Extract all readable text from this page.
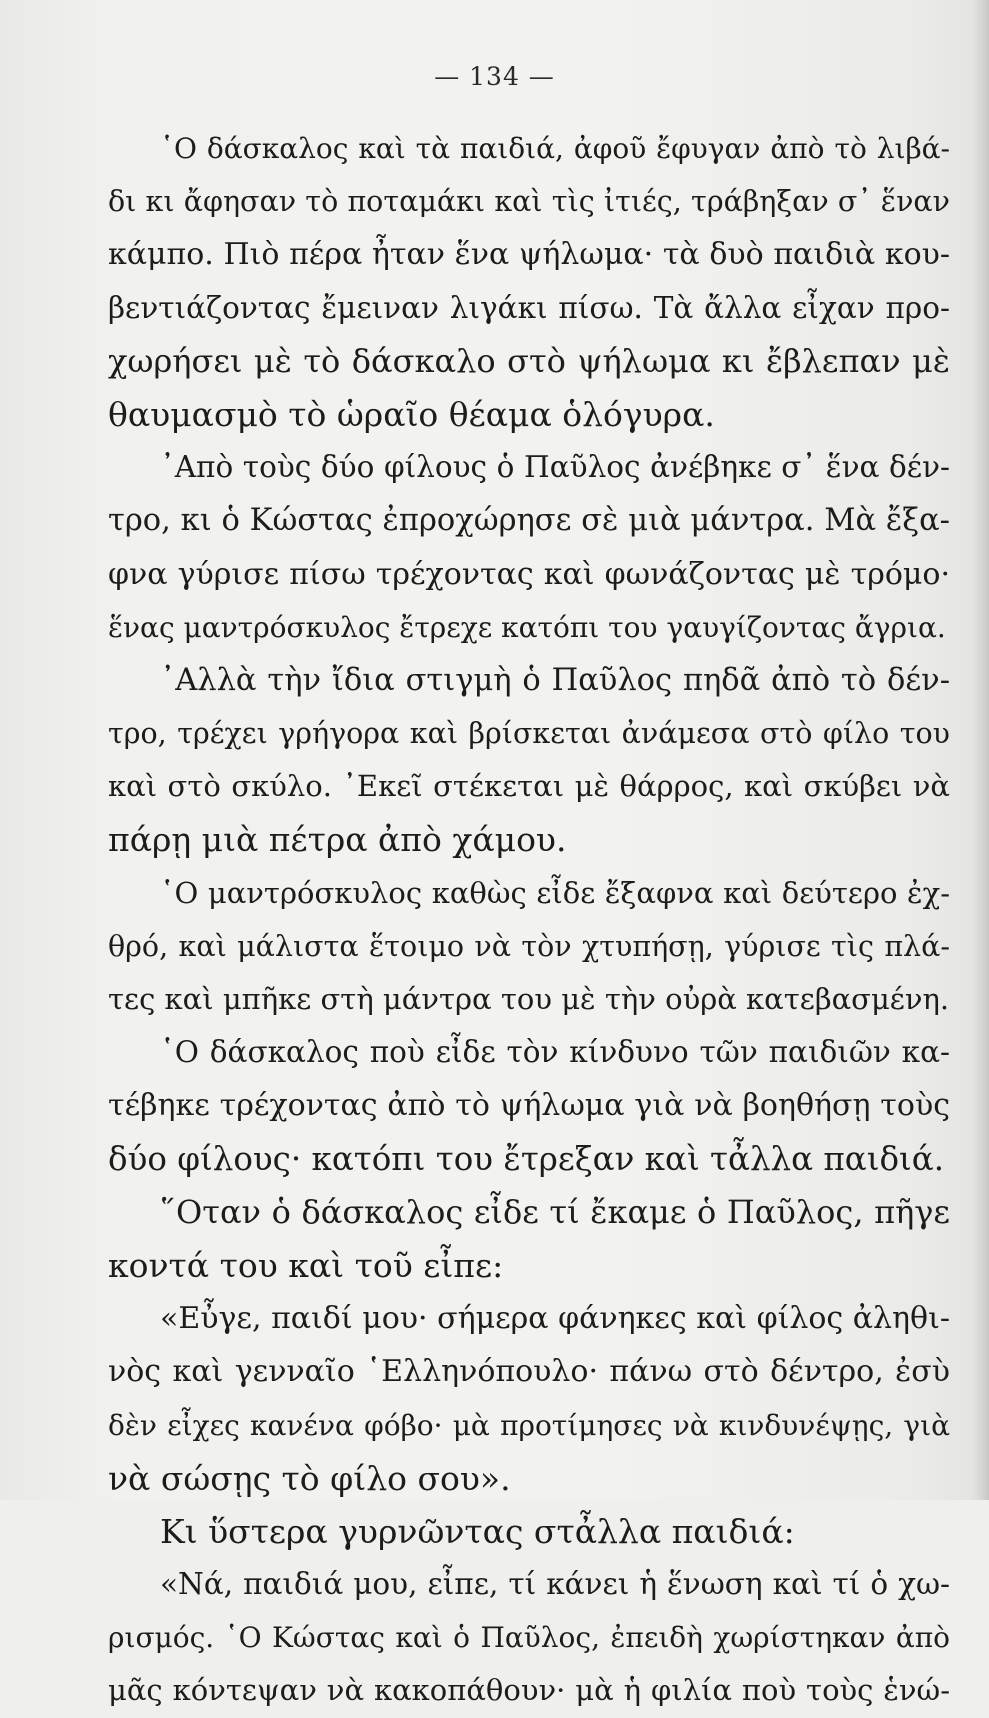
— 134 —
῾Ο δάσκαλος καὶ τὰ παιδιά, ἀφοῦ ἔφυγαν ἀπὸ τὸ λιβά-
δι κι ἄφησαν τὸ ποταμάκι καὶ τὶς ἰτιές, τράβηξαν σ᾿ ἕναν
κάμπο. Πιὸ πέρα ἦταν ἕνα ψήλωμα· τὰ δυὸ παιδιὰ κου-
βεντιάζοντας ἔμειναν λιγάκι πίσω. Τὰ ἄλλα εἶχαν προ-
χωρήσει μὲ τὸ δάσκαλο στὸ ψήλωμα κι ἔβλεπαν μὲ
θαυμασμὸ τὸ ὡραῖο θέαμα ὁλόγυρα.
᾿Απὸ τοὺς δύο φίλους ὁ Παῦλος ἀνέβηκε σ᾿ ἕνα δέν-
τρο, κι ὁ Κώστας ἐπροχώρησε σὲ μιὰ μάντρα. Μὰ ἔξα-
φνα γύρισε πίσω τρέχοντας καὶ φωνάζοντας μὲ τρόμο·
ἕνας μαντρόσκυλος ἔτρεχε κατόπι του γαυγίζοντας ἄγρια.
᾿Αλλὰ τὴν ἴδια στιγμὴ ὁ Παῦλος πηδᾶ ἀπὸ τὸ δέν-
τρο, τρέχει γρήγορα καὶ βρίσκεται ἀνάμεσα στὸ φίλο του
καὶ στὸ σκύλο. ᾿Εκεῖ στέκεται μὲ θάρρος, καὶ σκύβει νὰ
πάρῃ μιὰ πέτρα ἀπὸ χάμου.
῾Ο μαντρόσκυλος καθὼς εἶδε ἔξαφνα καὶ δεύτερο ἐχ-
θρό, καὶ μάλιστα ἕτοιμο νὰ τὸν χτυπήσῃ, γύρισε τὶς πλά-
τες καὶ μπῆκε στὴ μάντρα του μὲ τὴν οὐρὰ κατεβασμένη.
῾Ο δάσκαλος ποὺ εἶδε τὸν κίνδυνο τῶν παιδιῶν κα-
τέβηκε τρέχοντας ἀπὸ τὸ ψήλωμα γιὰ νὰ βοηθήσῃ τοὺς
δύο φίλους· κατόπι του ἔτρεξαν καὶ τἆλλα παιδιά.
῞Οταν ὁ δάσκαλος εἶδε τί ἔκαμε ὁ Παῦλος, πῆγε
κοντά του καὶ τοῦ εἶπε:
«Εὖγε, παιδί μου· σήμερα φάνηκες καὶ φίλος ἀληθι-
νὸς καὶ γενναῖο ῾Ελληνόπουλο· πάνω στὸ δέντρο, ἐσὺ
δὲν εἶχες κανένα φόβο· μὰ προτίμησες νὰ κινδυνέψῃς, γιὰ
νὰ σώσῃς τὸ φίλο σου».
Κι ὕστερα γυρνῶντας στἆλλα παιδιά:
«Νά, παιδιά μου, εἶπε, τί κάνει ἡ ἕνωση καὶ τί ὁ χω-
ρισμός. ῾Ο Κώστας καὶ ὁ Παῦλος, ἐπειδὴ χωρίστηκαν ἀπὸ
μᾶς κόντεψαν νὰ κακοπάθουν· μὰ ἡ φιλία ποὺ τοὺς ἑνώ-
